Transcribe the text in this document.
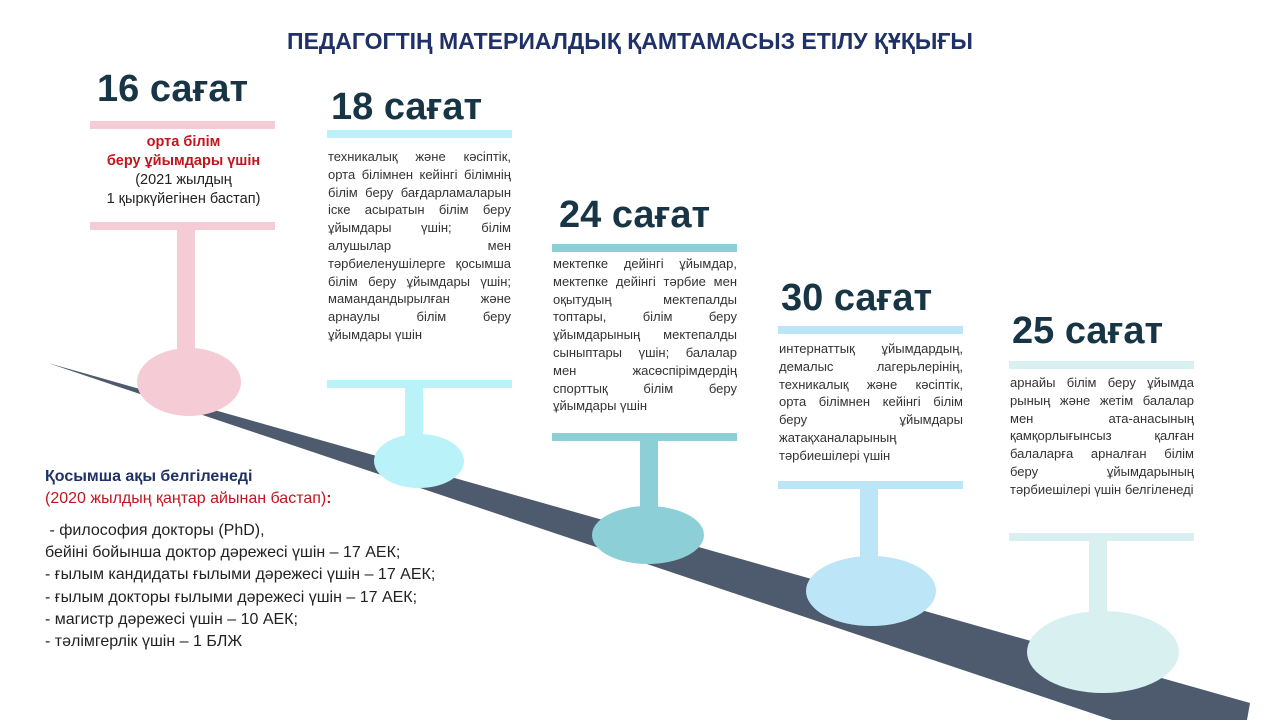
ПЕДАГОГТІҢ МАТЕРИАЛДЫҚ ҚАМТАМАСЫЗ ЕТІЛУ ҚҰҚЫҒЫ
16 сағат
орта білім
беру ұйымдары үшін
(2021 жылдың
1 қыркүйегінен бастап)
18 сағат
техникалық және кәсіптік, орта білімнен кейінгі білімнің білім беру бағдарламаларын іске асыратын білім беру ұйымдары үшін; білім алушылар мен тәрбиеленушілерге қосымша білім беру ұйымдары үшін; мамандандырылған және арнаулы білім беру ұйымдары үшін
24 сағат
мектепке дейінгі ұйымдар, мектепке дейінгі тәрбие мен оқытудың мектепалды топтары, білім беру ұйымдарының мектепалды сыныптары үшін; балалар мен жасөспірімдердің спорттық білім беру ұйымдары үшін
30 сағат
интернаттық ұйымдардың, демалыс лагерьлерінің, техникалық және кәсіптік, орта білімнен кейінгі білім беру ұйымдары жатақханаларының тәрбиешілері үшін
25 сағат
арнайы білім беру ұйымда рының және жетім балалар мен ата-анасының қамқорлығынсыз қалған балаларға арналған білім беру ұйымдарының тәрбиешілері үшін белгіленеді
Қосымша ақы белгіленеді
(2020 жылдың қаңтар айынан бастап):
- философия докторы (PhD),
бейіні бойынша доктор дәрежесі үшін – 17 АЕК;
- ғылым кандидаты ғылыми дәрежесі үшін – 17 АЕК;
- ғылым докторы ғылыми дәрежесі үшін – 17 АЕК;
- магистр дәрежесі үшін – 10 АЕК;
- тәлімгерлік үшін – 1 БЛЖ
